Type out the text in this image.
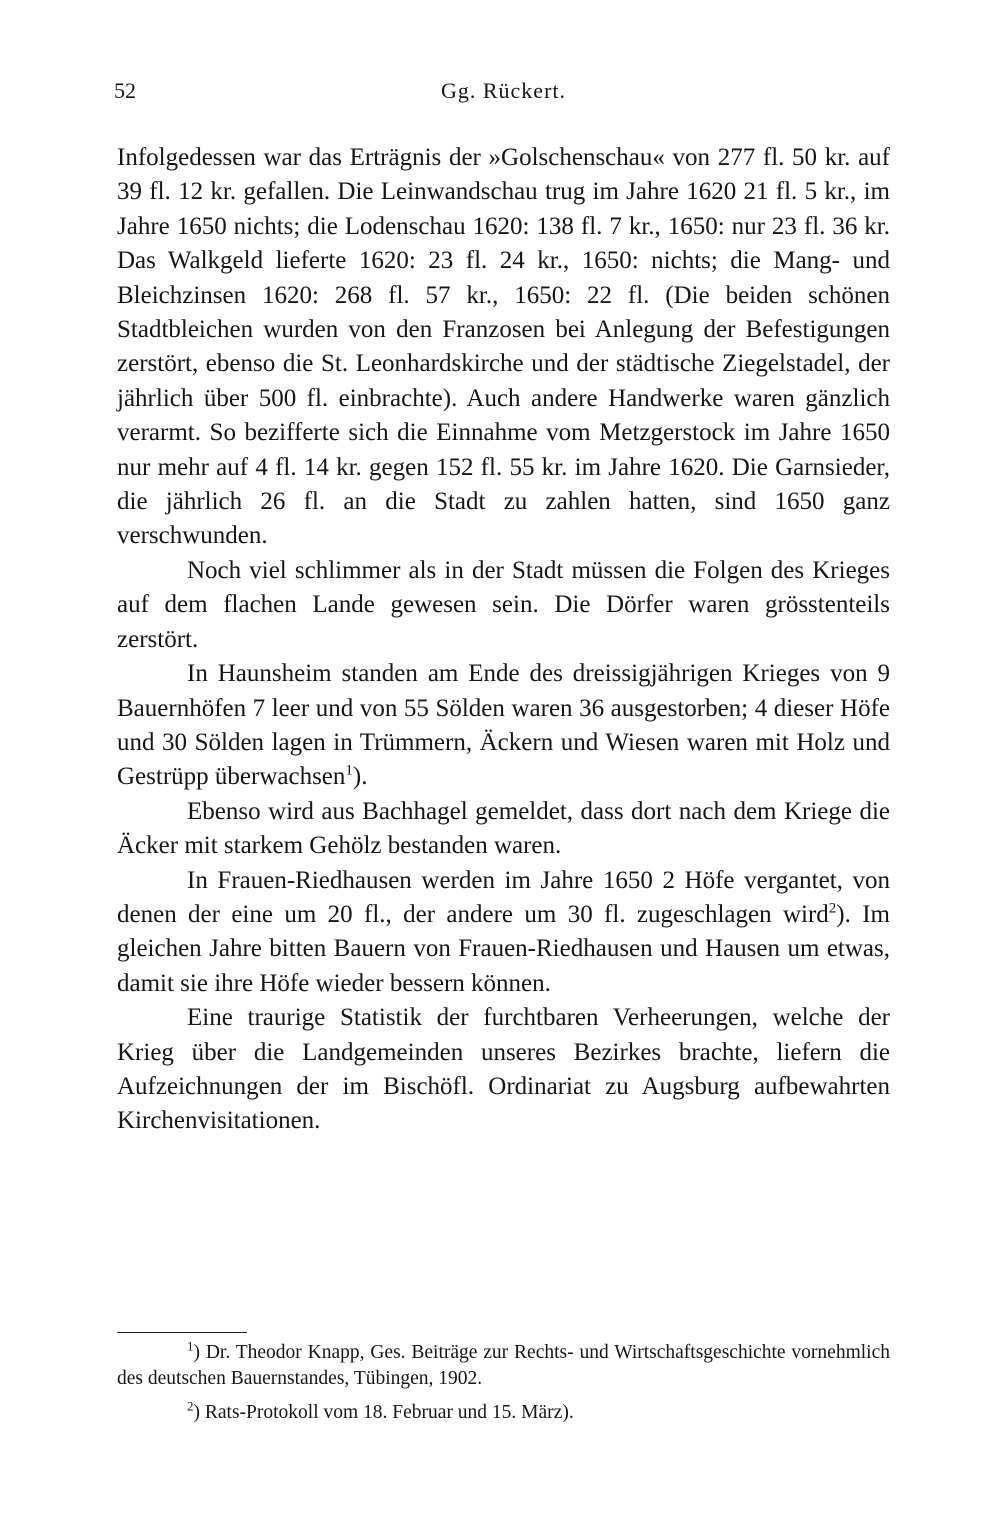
52	Gg. Rückert.

Infolgedessen war das Erträgnis der »Golschenschau« von 277 fl. 50 kr. auf 39 fl. 12 kr. gefallen. Die Leinwandschau trug im Jahre 1620 21 fl. 5 kr., im Jahre 1650 nichts; die Lodenschau 1620: 138 fl. 7 kr., 1650: nur 23 fl. 36 kr. Das Walkgeld lieferte 1620: 23 fl. 24 kr., 1650: nichts; die Mang- und Bleichzinsen 1620: 268 fl. 57 kr., 1650: 22 fl. (Die beiden schönen Stadtbleichen wurden von den Franzosen bei Anlegung der Befestigungen zerstört, ebenso die St. Leonhardskirche und der städtische Ziegelstadel, der jährlich über 500 fl. einbrachte). Auch andere Handwerke waren gänzlich verarmt. So bezifferte sich die Einnahme vom Metzgerstock im Jahre 1650 nur mehr auf 4 fl. 14 kr. gegen 152 fl. 55 kr. im Jahre 1620. Die Garnsieder, die jährlich 26 fl. an die Stadt zu zahlen hatten, sind 1650 ganz verschwunden.

Noch viel schlimmer als in der Stadt müssen die Folgen des Krieges auf dem flachen Lande gewesen sein. Die Dörfer waren grösstenteils zerstört.

In Haunsheim standen am Ende des dreissigjährigen Krieges von 9 Bauernhöfen 7 leer und von 55 Sölden waren 36 ausgestorben; 4 dieser Höfe und 30 Sölden lagen in Trümmern, Äckern und Wiesen waren mit Holz und Gestrüpp überwachsen$^1$).

Ebenso wird aus Bachhagel gemeldet, dass dort nach dem Kriege die Äcker mit starkem Gehölz bestanden waren.

In Frauen-Riedhausen werden im Jahre 1650 2 Höfe vergantet, von denen der eine um 20 fl., der andere um 30 fl. zugeschlagen wird$^2$). Im gleichen Jahre bitten Bauern von Frauen-Riedhausen und Hausen um etwas, damit sie ihre Höfe wieder bessern können.

Eine traurige Statistik der furchtbaren Verheerungen, welche der Krieg über die Landgemeinden unseres Bezirkes brachte, liefern die Aufzeichnungen der im Bischöfl. Ordinariat zu Augsburg aufbewahrten Kirchenvisitationen.

$^1$) Dr. Theodor Knapp, Ges. Beiträge zur Rechts- und Wirtschaftsgeschichte vornehmlich des deutschen Bauernstandes, Tübingen, 1902.

$^2$) Rats-Protokoll vom 18. Februar und 15. März).
